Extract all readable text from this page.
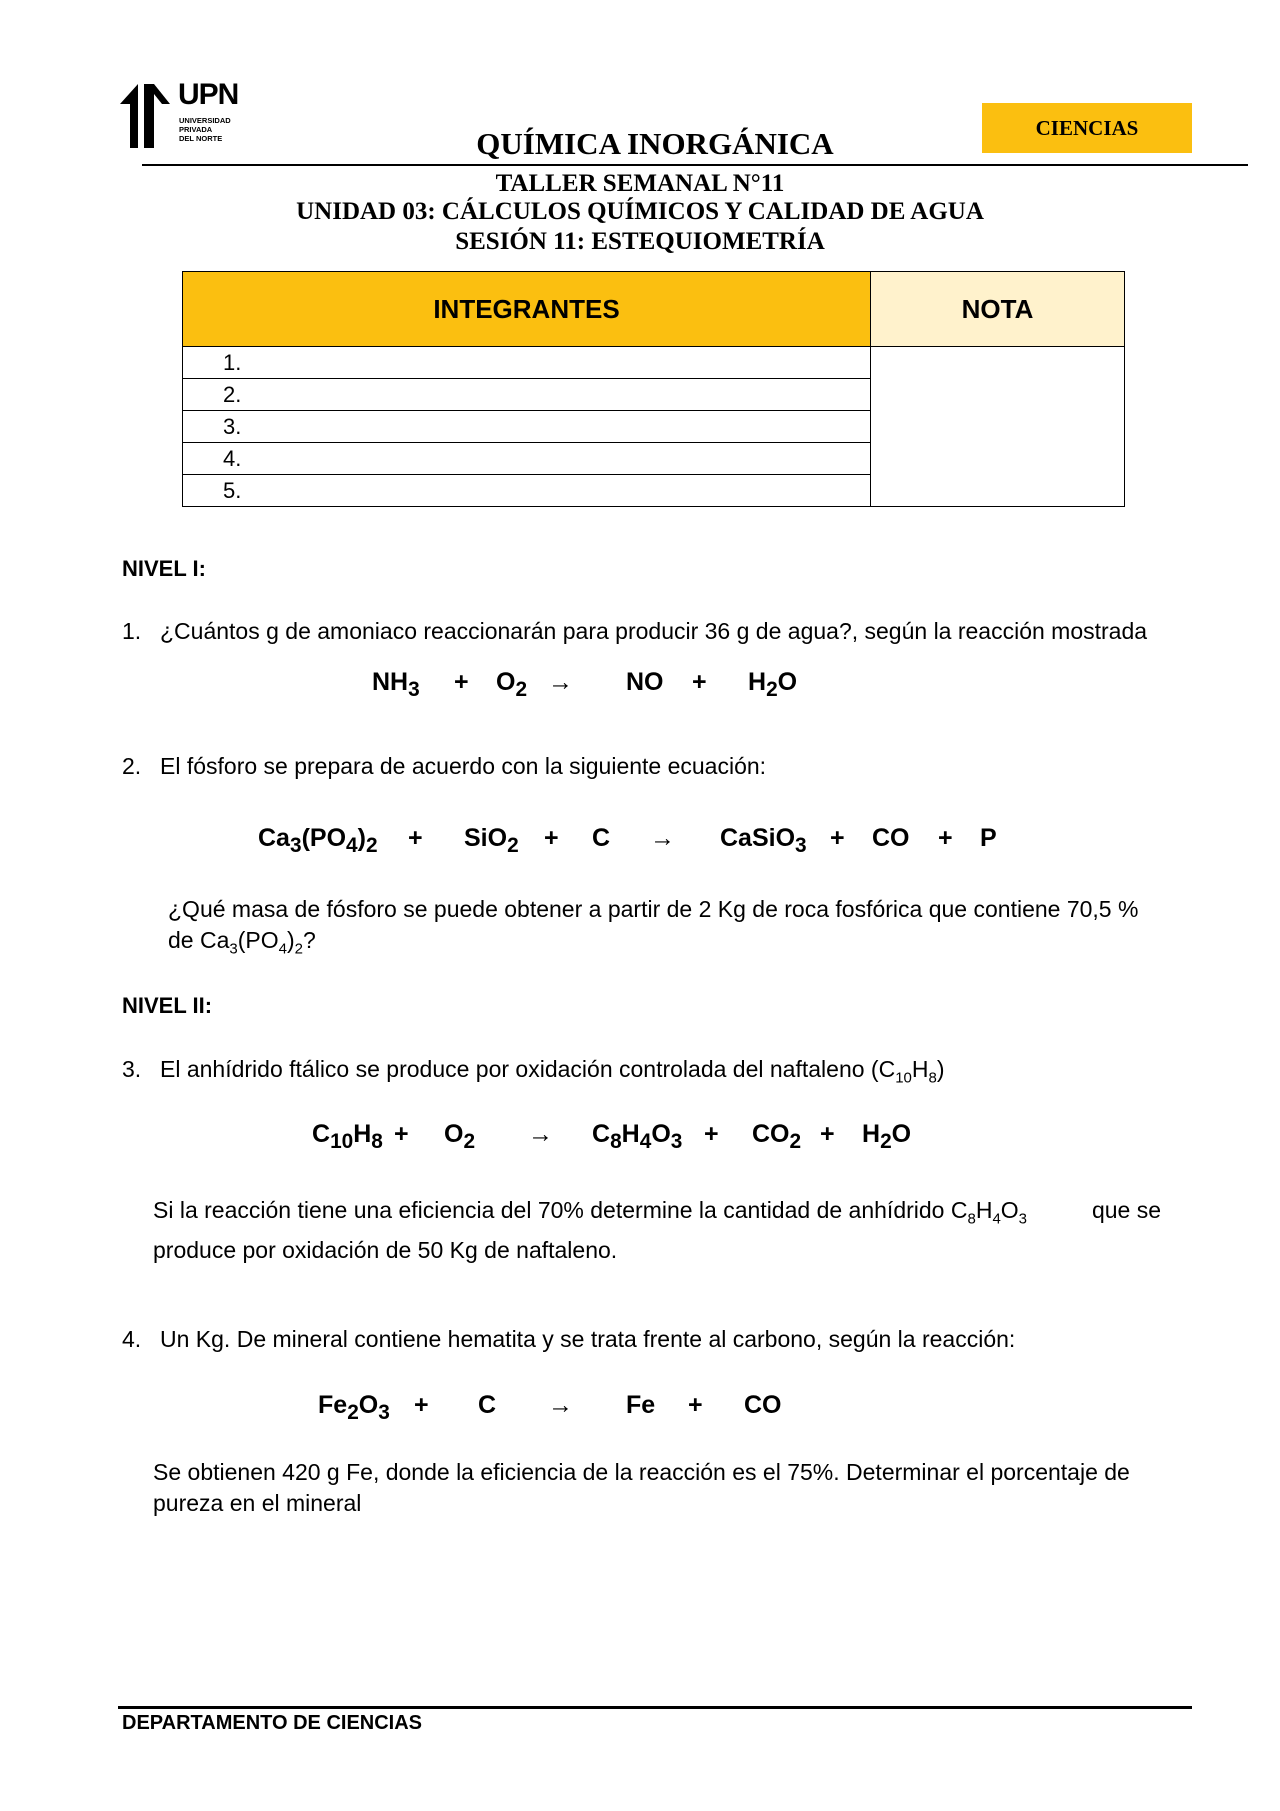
UPN
UNIVERSIDAD
PRIVADA
DEL NORTE	QUÍMICA INORGÁNICA	CIENCIAS
TALLER SEMANAL N°11
UNIDAD 03: CÁLCULOS QUÍMICOS Y CALIDAD DE AGUA
SESIÓN 11: ESTEQUIOMETRÍA
INTEGRANTES	NOTA
1.	
2.	
3.	
4.	
5.	
NIVEL I:
1. ¿Cuántos g de amoniaco reaccionarán para producir 36 g de agua?, según la reacción mostrada
$NH_3 + O_2$ → NO + $H_2O$
2. El fósforo se prepara de acuerdo con la siguiente ecuación:
$Ca_3(PO_4)_2 + SiO_2 + C$ → CaSiO$_3$ + CO + P
¿Qué masa de fósforo se puede obtener a partir de 2 Kg de roca fosfórica que contiene 70,5 %
de $Ca_3(PO_4)_2$?
NIVEL II:
3. El anhídrido ftálico se produce por oxidación controlada del naftaleno $(C_{10}H_8)$
$C_{10}H_8 + O_2 \to C_8H_4O_3 + CO_2 + H_2O$
Si la reacción tiene una eficiencia del 70% determine la cantidad de anhídrido $C_8H_4O_3$	que se
produce por oxidación de 50 Kg de naftaleno.
4. Un Kg. De mineral contiene hematita y se trata frente al carbono, según la reacción:
$Fe_2O_3 + C \to Fe$ + CO
Se obtienen 420 g Fe, donde la eficiencia de la reacción es el 75%. Determinar el porcentaje de
pureza en el mineral
DEPARTAMENTO DE CIENCIAS
